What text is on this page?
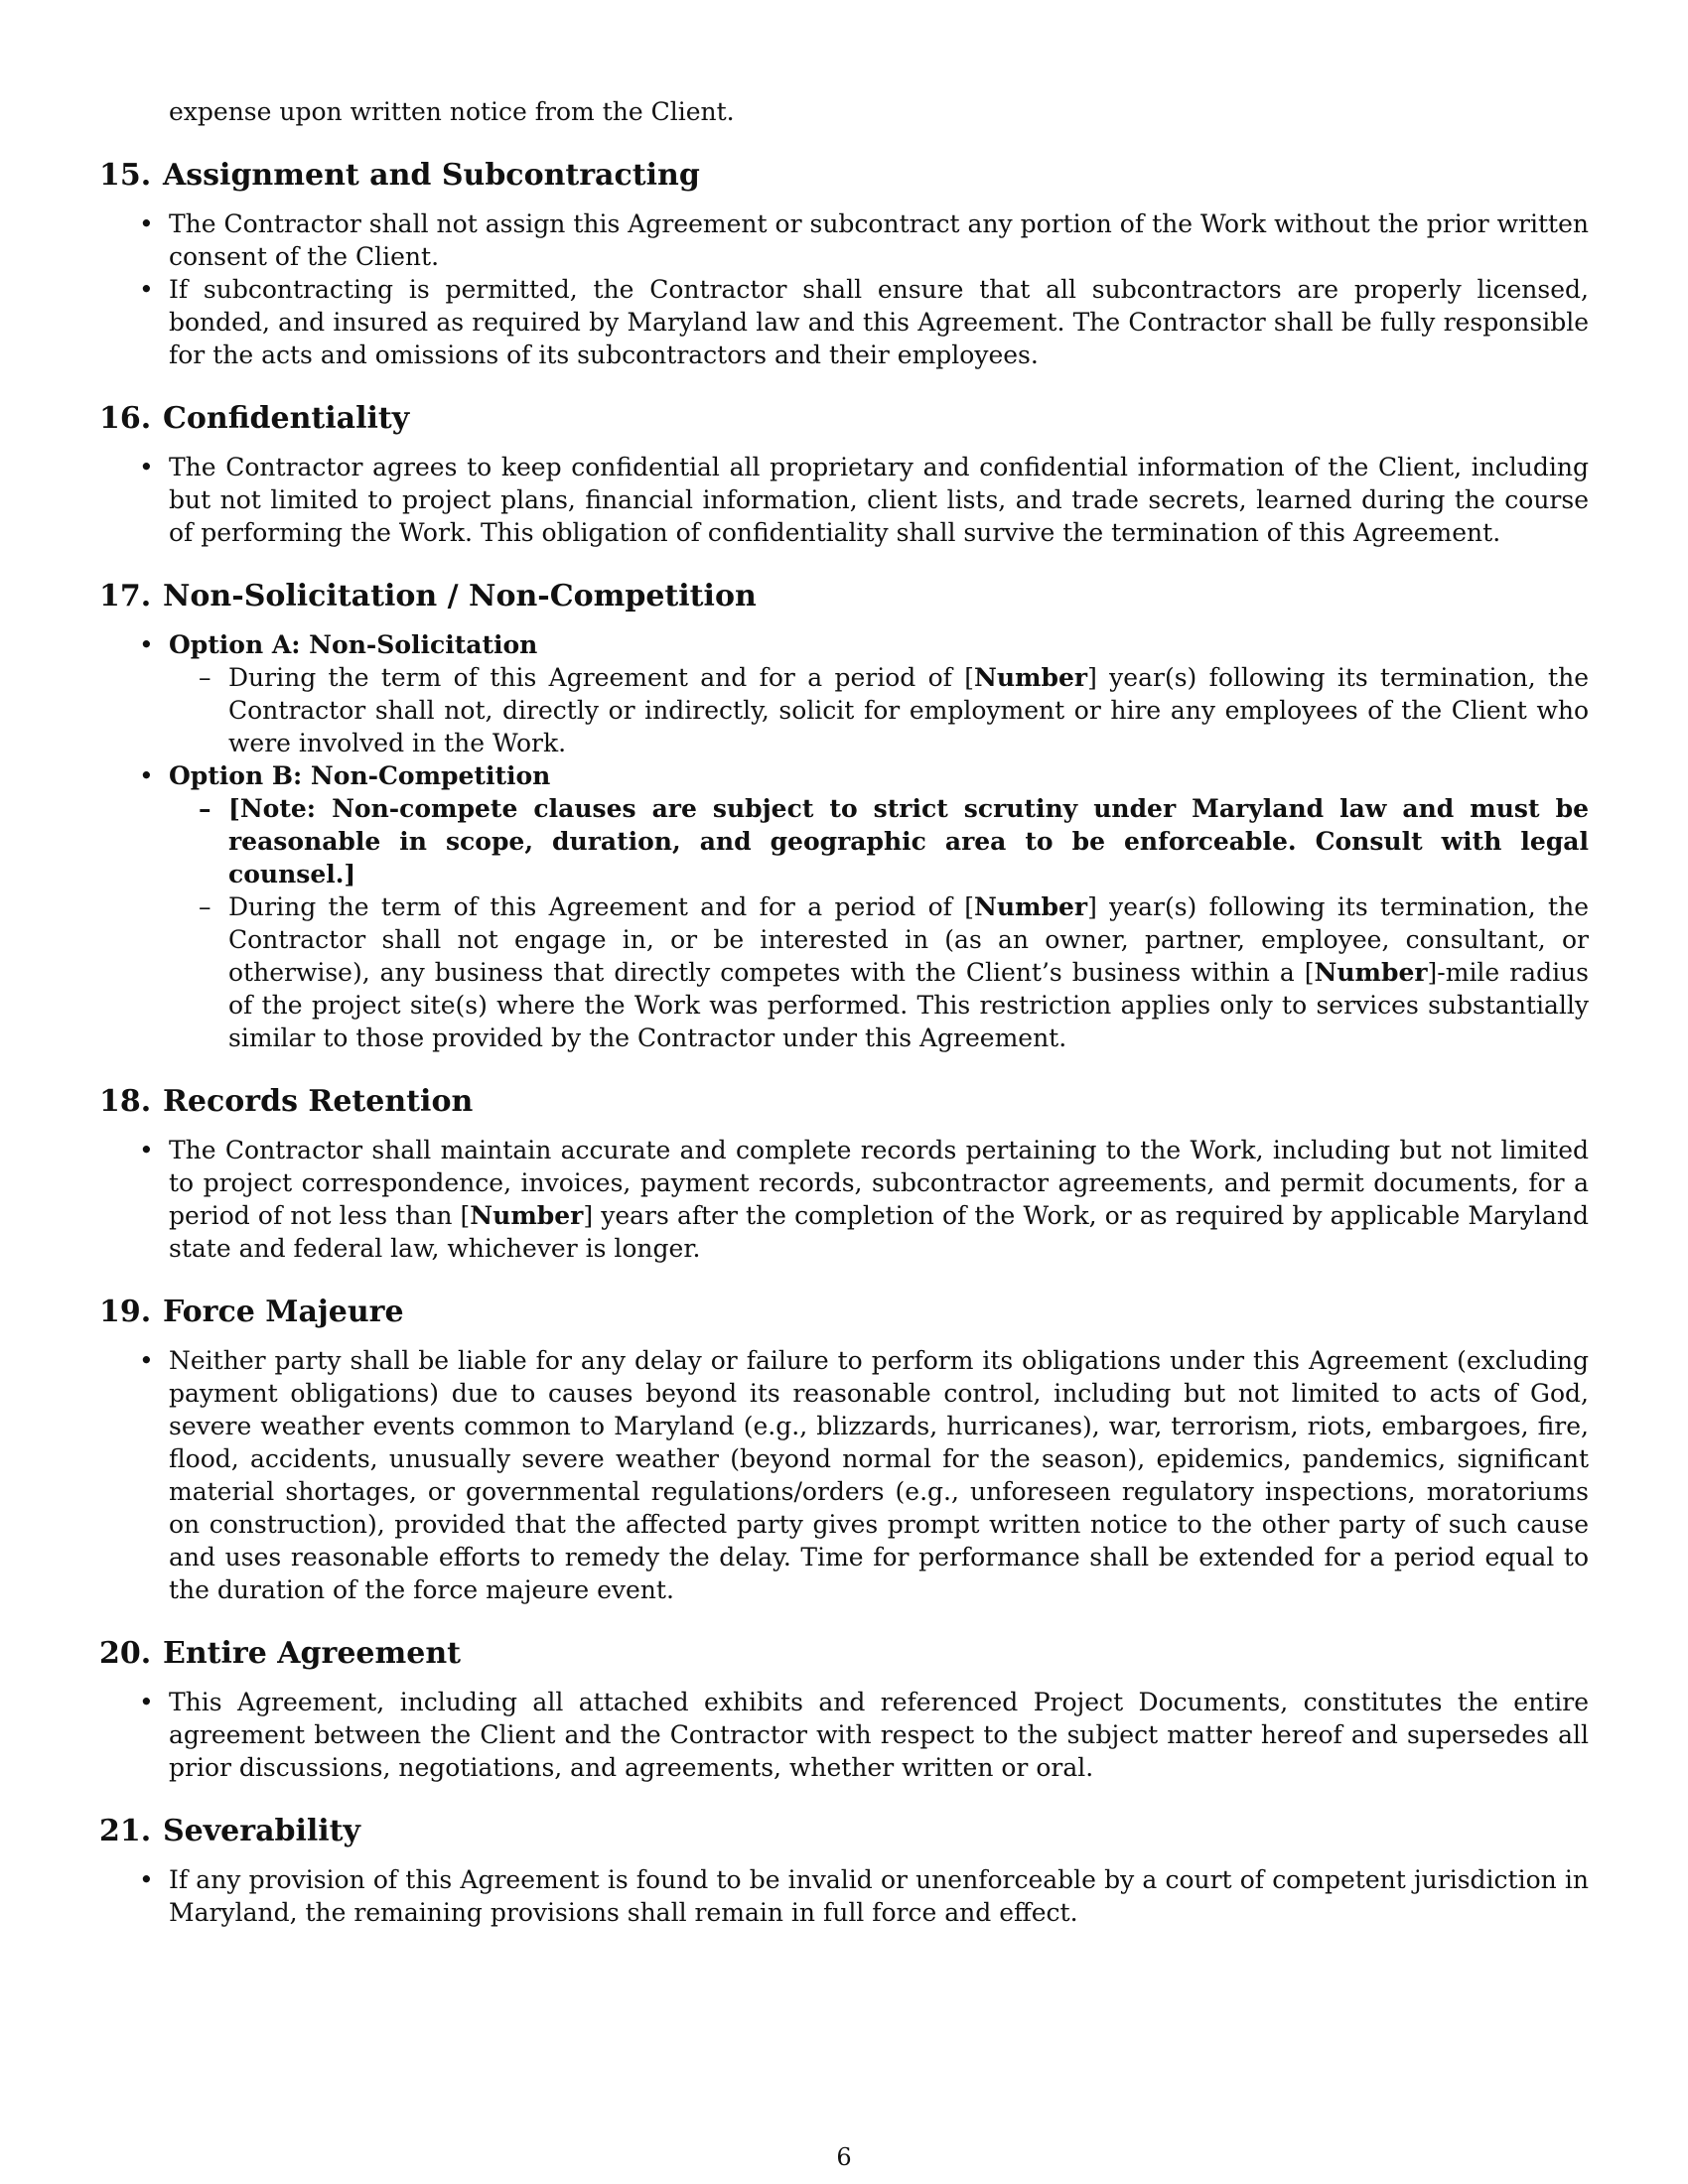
expense upon written notice from the Client.

15. Assignment and Subcontracting
• The Contractor shall not assign this Agreement or subcontract any portion of the Work without the prior written consent of the Client.
• If subcontracting is permitted, the Contractor shall ensure that all subcontractors are properly licensed, bonded, and insured as required by Maryland law and this Agreement. The Contractor shall be fully responsible for the acts and omissions of its subcontractors and their employees.
16. Confidentiality
• The Contractor agrees to keep confidential all proprietary and confidential information of the Client, including but not limited to project plans, financial information, client lists, and trade secrets, learned during the course of performing the Work. This obligation of confidentiality shall survive the termination of this Agreement.
17. Non-Solicitation / Non-Competition
• Option A: Non-Solicitation
– During the term of this Agreement and for a period of [Number] year(s) following its termination, the Contractor shall not, directly or indirectly, solicit for employment or hire any employees of the Client who were involved in the Work.
• Option B: Non-Competition
– [Note: Non-compete clauses are subject to strict scrutiny under Maryland law and must be reasonable in scope, duration, and geographic area to be enforceable. Consult with legal counsel.]
– During the term of this Agreement and for a period of [Number] year(s) following its termination, the Contractor shall not engage in, or be interested in (as an owner, partner, employee, consultant, or otherwise), any business that directly competes with the Client’s business within a [Number]-mile radius of the project site(s) where the Work was performed. This restriction applies only to services substantially similar to those provided by the Contractor under this Agreement.
18. Records Retention
• The Contractor shall maintain accurate and complete records pertaining to the Work, including but not limited to project correspondence, invoices, payment records, subcontractor agreements, and permit documents, for a period of not less than [Number] years after the completion of the Work, or as required by applicable Maryland state and federal law, whichever is longer.
19. Force Majeure
• Neither party shall be liable for any delay or failure to perform its obligations under this Agreement (excluding payment obligations) due to causes beyond its reasonable control, including but not limited to acts of God, severe weather events common to Maryland (e.g., blizzards, hurricanes), war, terrorism, riots, embargoes, fire, flood, accidents, unusually severe weather (beyond normal for the season), epidemics, pandemics, significant material shortages, or governmental regulations/orders (e.g., unforeseen regulatory inspections, moratoriums on construction), provided that the affected party gives prompt written notice to the other party of such cause and uses reasonable efforts to remedy the delay. Time for performance shall be extended for a period equal to the duration of the force majeure event.
20. Entire Agreement
• This Agreement, including all attached exhibits and referenced Project Documents, constitutes the entire agreement between the Client and the Contractor with respect to the subject matter hereof and supersedes all prior discussions, negotiations, and agreements, whether written or oral.
21. Severability
• If any provision of this Agreement is found to be invalid or unenforceable by a court of competent jurisdiction in Maryland, the remaining provisions shall remain in full force and effect.
6
